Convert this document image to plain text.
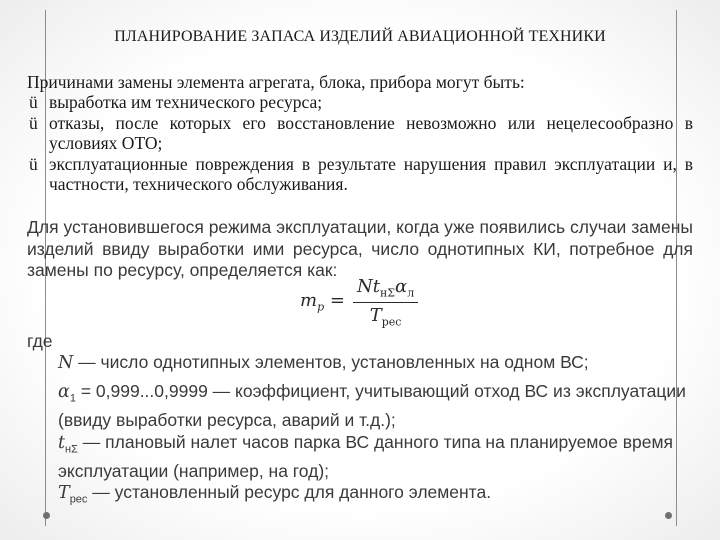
ПЛАНИРОВАНИЕ ЗАПАСА ИЗДЕЛИЙ АВИАЦИОННОЙ ТЕХНИКИ
Причинами замены элемента агрегата, блока, прибора могут быть:
ü выработка им технического ресурса;
ü отказы, после которых его восстановление невозможно или нецелесообразно в условиях ОТО;
ü эксплуатационные повреждения в результате нарушения правил эксплуатации и, в частности, технического обслуживания.
Для установившегося режима эксплуатации, когда уже появились случаи замены изделий ввиду выработки ими ресурса, число однотипных КИ, потребное для замены по ресурсу, определяется как:
$m_р = \frac{Nt_{н\Sigma}\alpha_л}{T_{рес}}$
где
N — число однотипных элементов, установленных на одном ВС;
$\alpha_1 = 0,999...0,9999$ — коэффициент, учитывающий отход ВС из эксплуатации (ввиду выработки ресурса, аварий и т.д.);
$t_{н\Sigma}$ — плановый налет часов парка ВС данного типа на планируемое время эксплуатации (например, на год);
$T_{рес}$ — установленный ресурс для данного элемента.
